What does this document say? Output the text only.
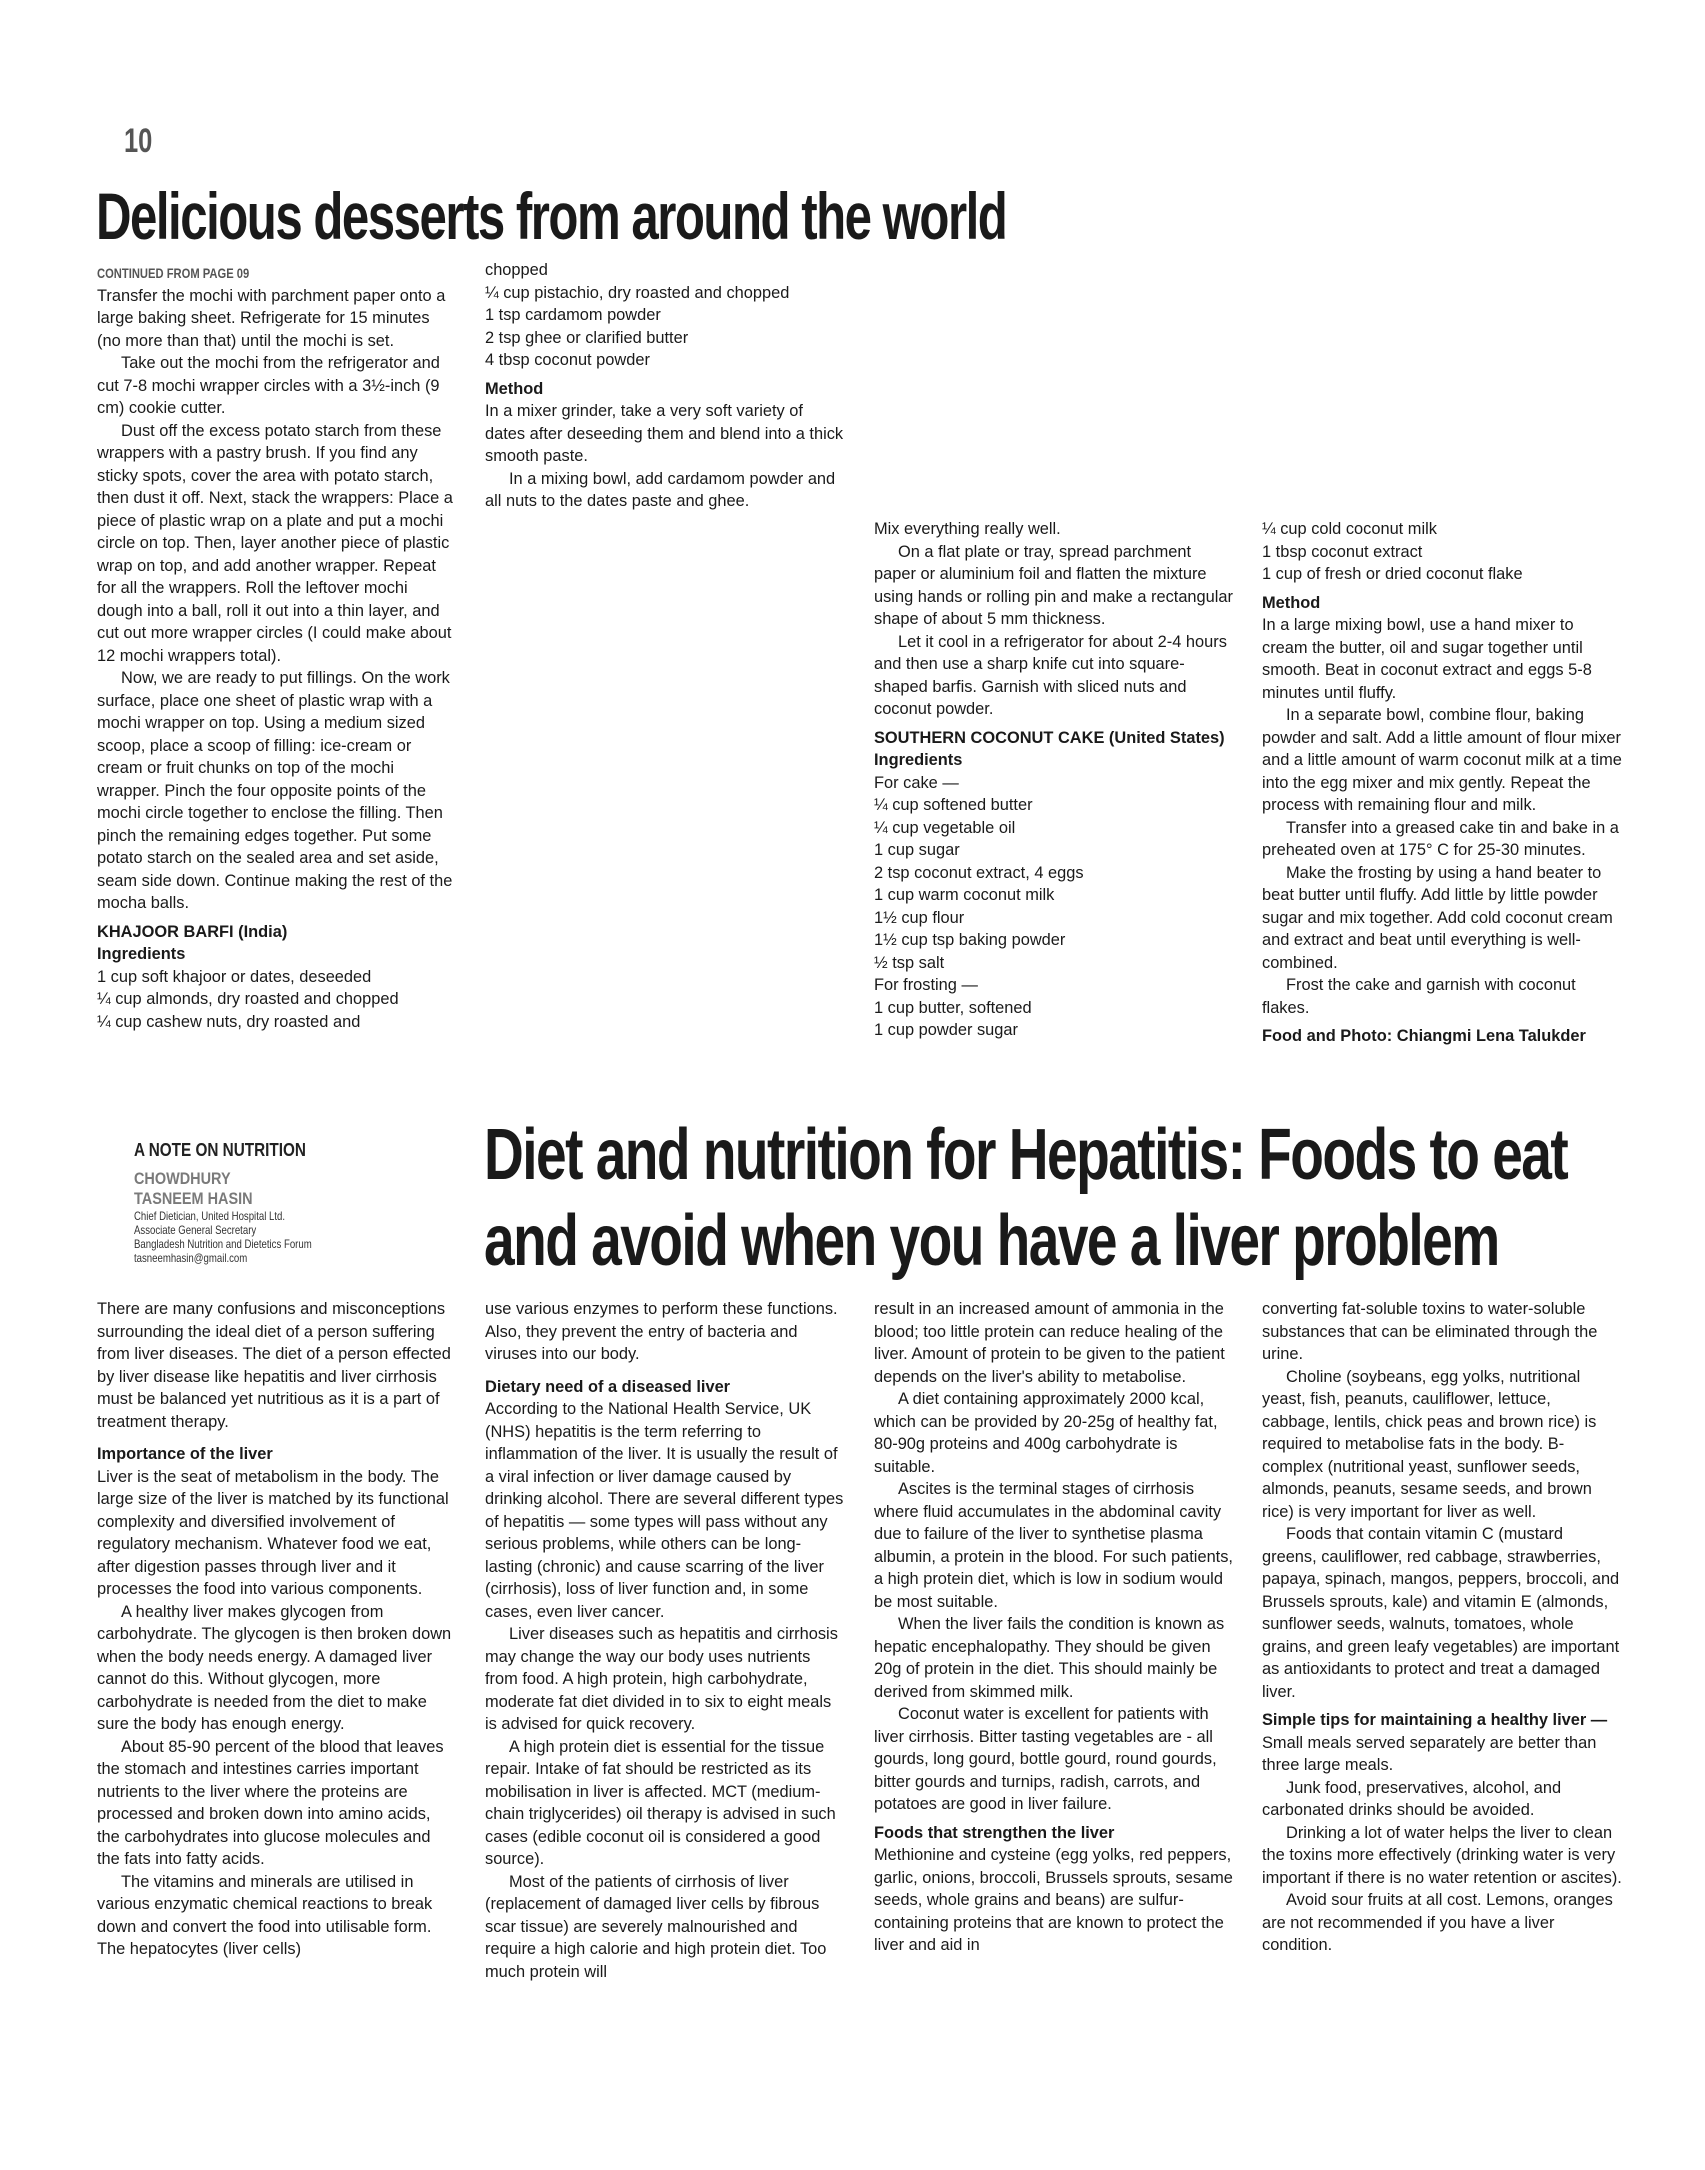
10
Delicious desserts from around the world

CONTINUED FROM PAGE 09

Transfer the mochi with parchment paper onto a large baking sheet. Refrigerate for 15 minutes (no more than that) until the mochi is set.

Take out the mochi from the refrigerator and cut 7-8 mochi wrapper circles with a 3½-inch (9 cm) cookie cutter.

Dust off the excess potato starch from these wrappers with a pastry brush. If you find any sticky spots, cover the area with potato starch, then dust it off. Next, stack the wrappers: Place a piece of plastic wrap on a plate and put a mochi circle on top. Then, layer another piece of plastic wrap on top, and add another wrapper. Repeat for all the wrappers. Roll the leftover mochi dough into a ball, roll it out into a thin layer, and cut out more wrapper circles (I could make about 12 mochi wrappers total).

Now, we are ready to put fillings. On the work surface, place one sheet of plastic wrap with a mochi wrapper on top. Using a medium sized scoop, place a scoop of filling: ice-cream or cream or fruit chunks on top of the mochi wrapper. Pinch the four opposite points of the mochi circle together to enclose the filling. Then pinch the remaining edges together. Put some potato starch on the sealed area and set aside, seam side down. Continue making the rest of the mocha balls.

KHAJOOR BARFI (India)

Ingredients

1 cup soft khajoor or dates, deseeded

¼ cup almonds, dry roasted and chopped

¼ cup cashew nuts, dry roasted and

chopped

¼ cup pistachio, dry roasted and chopped

1 tsp cardamom powder

2 tsp ghee or clarified butter

4 tbsp coconut powder

Method

In a mixer grinder, take a very soft variety of dates after deseeding them and blend into a thick smooth paste.

In a mixing bowl, add cardamom powder and all nuts to the dates paste and ghee.

Mix everything really well.

On a flat plate or tray, spread parchment paper or aluminium foil and flatten the mixture using hands or rolling pin and make a rectangular shape of about 5 mm thickness.

Let it cool in a refrigerator for about 2-4 hours and then use a sharp knife cut into square-shaped barfis. Garnish with sliced nuts and coconut powder.

SOUTHERN COCONUT CAKE (United States)

Ingredients

For cake —

¼ cup softened butter

¼ cup vegetable oil

1 cup sugar

2 tsp coconut extract, 4 eggs

1 cup warm coconut milk

1½ cup flour

1½ cup tsp baking powder

½ tsp salt

For frosting —

1 cup butter, softened

1 cup powder sugar

¼ cup cold coconut milk

1 tbsp coconut extract

1 cup of fresh or dried coconut flake

Method

In a large mixing bowl, use a hand mixer to cream the butter, oil and sugar together until smooth. Beat in coconut extract and eggs 5-8 minutes until fluffy.

In a separate bowl, combine flour, baking powder and salt. Add a little amount of flour mixer and a little amount of warm coconut milk at a time into the egg mixer and mix gently. Repeat the process with remaining flour and milk.

Transfer into a greased cake tin and bake in a preheated oven at 175° C for 25-30 minutes.

Make the frosting by using a hand beater to beat butter until fluffy. Add little by little powder sugar and mix together. Add cold coconut cream and extract and beat until everything is well-combined.

Frost the cake and garnish with coconut flakes.

Food and Photo: Chiangmi Lena Talukder

A NOTE ON NUTRITION
CHOWDHURY
TASNEEM HASIN
Chief Dietician, United Hospital Ltd.
Associate General Secretary
Bangladesh Nutrition and Dietetics Forum
tasneemhasin@gmail.com
Diet and nutrition for Hepatitis: Foods to eat
and avoid when you have a liver problem

There are many confusions and misconceptions surrounding the ideal diet of a person suffering from liver diseases. The diet of a person effected by liver disease like hepatitis and liver cirrhosis must be balanced yet nutritious as it is a part of treatment therapy.

Importance of the liver

Liver is the seat of metabolism in the body. The large size of the liver is matched by its functional complexity and diversified involvement of regulatory mechanism. Whatever food we eat, after digestion passes through liver and it processes the food into various components.

A healthy liver makes glycogen from carbohydrate. The glycogen is then broken down when the body needs energy. A damaged liver cannot do this. Without glycogen, more carbohydrate is needed from the diet to make sure the body has enough energy.

About 85-90 percent of the blood that leaves the stomach and intestines carries important nutrients to the liver where the proteins are processed and broken down into amino acids, the carbohydrates into glucose molecules and the fats into fatty acids.

The vitamins and minerals are utilised in various enzymatic chemical reactions to break down and convert the food into utilisable form. The hepatocytes (liver cells)

use various enzymes to perform these functions. Also, they prevent the entry of bacteria and viruses into our body.

Dietary need of a diseased liver

According to the National Health Service, UK (NHS) hepatitis is the term referring to inflammation of the liver. It is usually the result of a viral infection or liver damage caused by drinking alcohol. There are several different types of hepatitis — some types will pass without any serious problems, while others can be long-lasting (chronic) and cause scarring of the liver (cirrhosis), loss of liver function and, in some cases, even liver cancer.

Liver diseases such as hepatitis and cirrhosis may change the way our body uses nutrients from food. A high protein, high carbohydrate, moderate fat diet divided in to six to eight meals is advised for quick recovery.

A high protein diet is essential for the tissue repair. Intake of fat should be restricted as its mobilisation in liver is affected. MCT (medium-chain triglycerides) oil therapy is advised in such cases (edible coconut oil is considered a good source).

Most of the patients of cirrhosis of liver (replacement of damaged liver cells by fibrous scar tissue) are severely malnourished and require a high calorie and high protein diet. Too much protein will

result in an increased amount of ammonia in the blood; too little protein can reduce healing of the liver. Amount of protein to be given to the patient depends on the liver's ability to metabolise.

A diet containing approximately 2000 kcal, which can be provided by 20-25g of healthy fat, 80-90g proteins and 400g carbohydrate is suitable.

Ascites is the terminal stages of cirrhosis where fluid accumulates in the abdominal cavity due to failure of the liver to synthetise plasma albumin, a protein in the blood. For such patients, a high protein diet, which is low in sodium would be most suitable.

When the liver fails the condition is known as hepatic encephalopathy. They should be given 20g of protein in the diet. This should mainly be derived from skimmed milk.

Coconut water is excellent for patients with liver cirrhosis. Bitter tasting vegetables are - all gourds, long gourd, bottle gourd, round gourds, bitter gourds and turnips, radish, carrots, and potatoes are good in liver failure.

Foods that strengthen the liver

Methionine and cysteine (egg yolks, red peppers, garlic, onions, broccoli, Brussels sprouts, sesame seeds, whole grains and beans) are sulfur-containing proteins that are known to protect the liver and aid in

converting fat-soluble toxins to water-soluble substances that can be eliminated through the urine.

Choline (soybeans, egg yolks, nutritional yeast, fish, peanuts, cauliflower, lettuce, cabbage, lentils, chick peas and brown rice) is required to metabolise fats in the body. B-complex (nutritional yeast, sunflower seeds, almonds, peanuts, sesame seeds, and brown rice) is very important for liver as well.

Foods that contain vitamin C (mustard greens, cauliflower, red cabbage, strawberries, papaya, spinach, mangos, peppers, broccoli, and Brussels sprouts, kale) and vitamin E (almonds, sunflower seeds, walnuts, tomatoes, whole grains, and green leafy vegetables) are important as antioxidants to protect and treat a damaged liver.

Simple tips for maintaining a healthy liver —

Small meals served separately are better than three large meals.

Junk food, preservatives, alcohol, and carbonated drinks should be avoided.

Drinking a lot of water helps the liver to clean the toxins more effectively (drinking water is very important if there is no water retention or ascites).

Avoid sour fruits at all cost. Lemons, oranges are not recommended if you have a liver condition.
